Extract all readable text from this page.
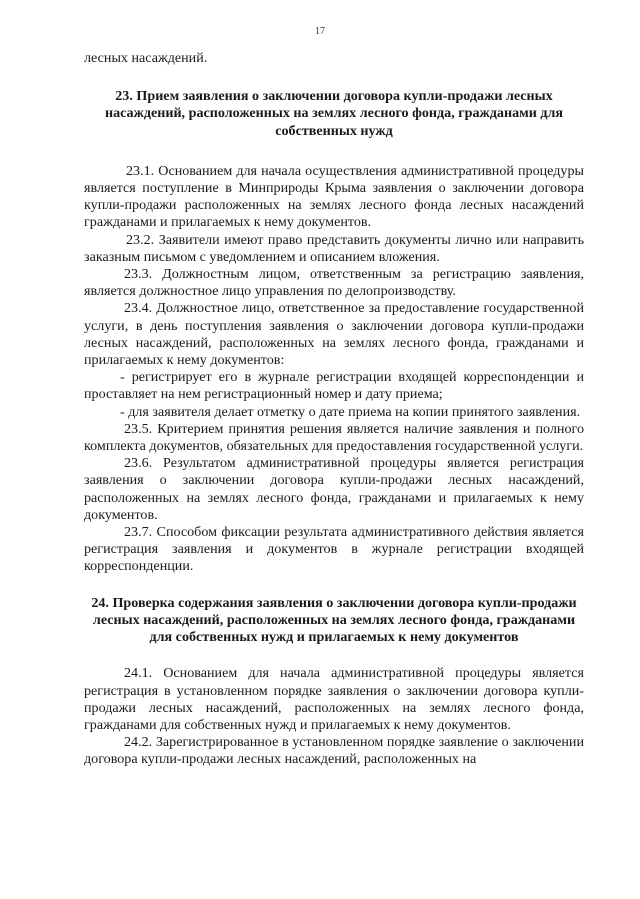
17

лесных насаждений.

23. Прием заявления о заключении договора купли-продажи лесных насаждений, расположенных на землях лесного фонда, гражданами для собственных нужд

23.1. Основанием для начала осуществления административной процедуры является поступление в Минприроды Крыма заявления о заключении договора купли-продажи расположенных на землях лесного фонда лесных насаждений гражданами и прилагаемых к нему документов.

23.2. Заявители имеют право представить документы лично или направить заказным письмом с уведомлением и описанием вложения.

23.3. Должностным лицом, ответственным за регистрацию заявления, является должностное лицо управления по делопроизводству.

23.4. Должностное лицо, ответственное за предоставление государственной услуги, в день поступления заявления о заключении договора купли-продажи лесных насаждений, расположенных на землях лесного фонда, гражданами и прилагаемых к нему документов:

- регистрирует его в журнале регистрации входящей корреспонденции и проставляет на нем регистрационный номер и дату приема;

- для заявителя делает отметку о дате приема на копии принятого заявления.

23.5. Критерием принятия решения является наличие заявления и полного комплекта документов, обязательных для предоставления государственной услуги.

23.6. Результатом административной процедуры является регистрация заявления о заключении договора купли-продажи лесных насаждений, расположенных на землях лесного фонда, гражданами и прилагаемых к нему документов.

23.7. Способом фиксации результата административного действия является регистрация заявления и документов в журнале регистрации входящей корреспонденции.

24. Проверка содержания заявления о заключении договора купли-продажи лесных насаждений, расположенных на землях лесного фонда, гражданами для собственных нужд и прилагаемых к нему документов

24.1. Основанием для начала административной процедуры является регистрация в установленном порядке заявления о заключении договора купли-продажи лесных насаждений, расположенных на землях лесного фонда, гражданами для собственных нужд и прилагаемых к нему документов.

24.2. Зарегистрированное в установленном порядке заявление о заключении договора купли-продажи лесных насаждений, расположенных на
